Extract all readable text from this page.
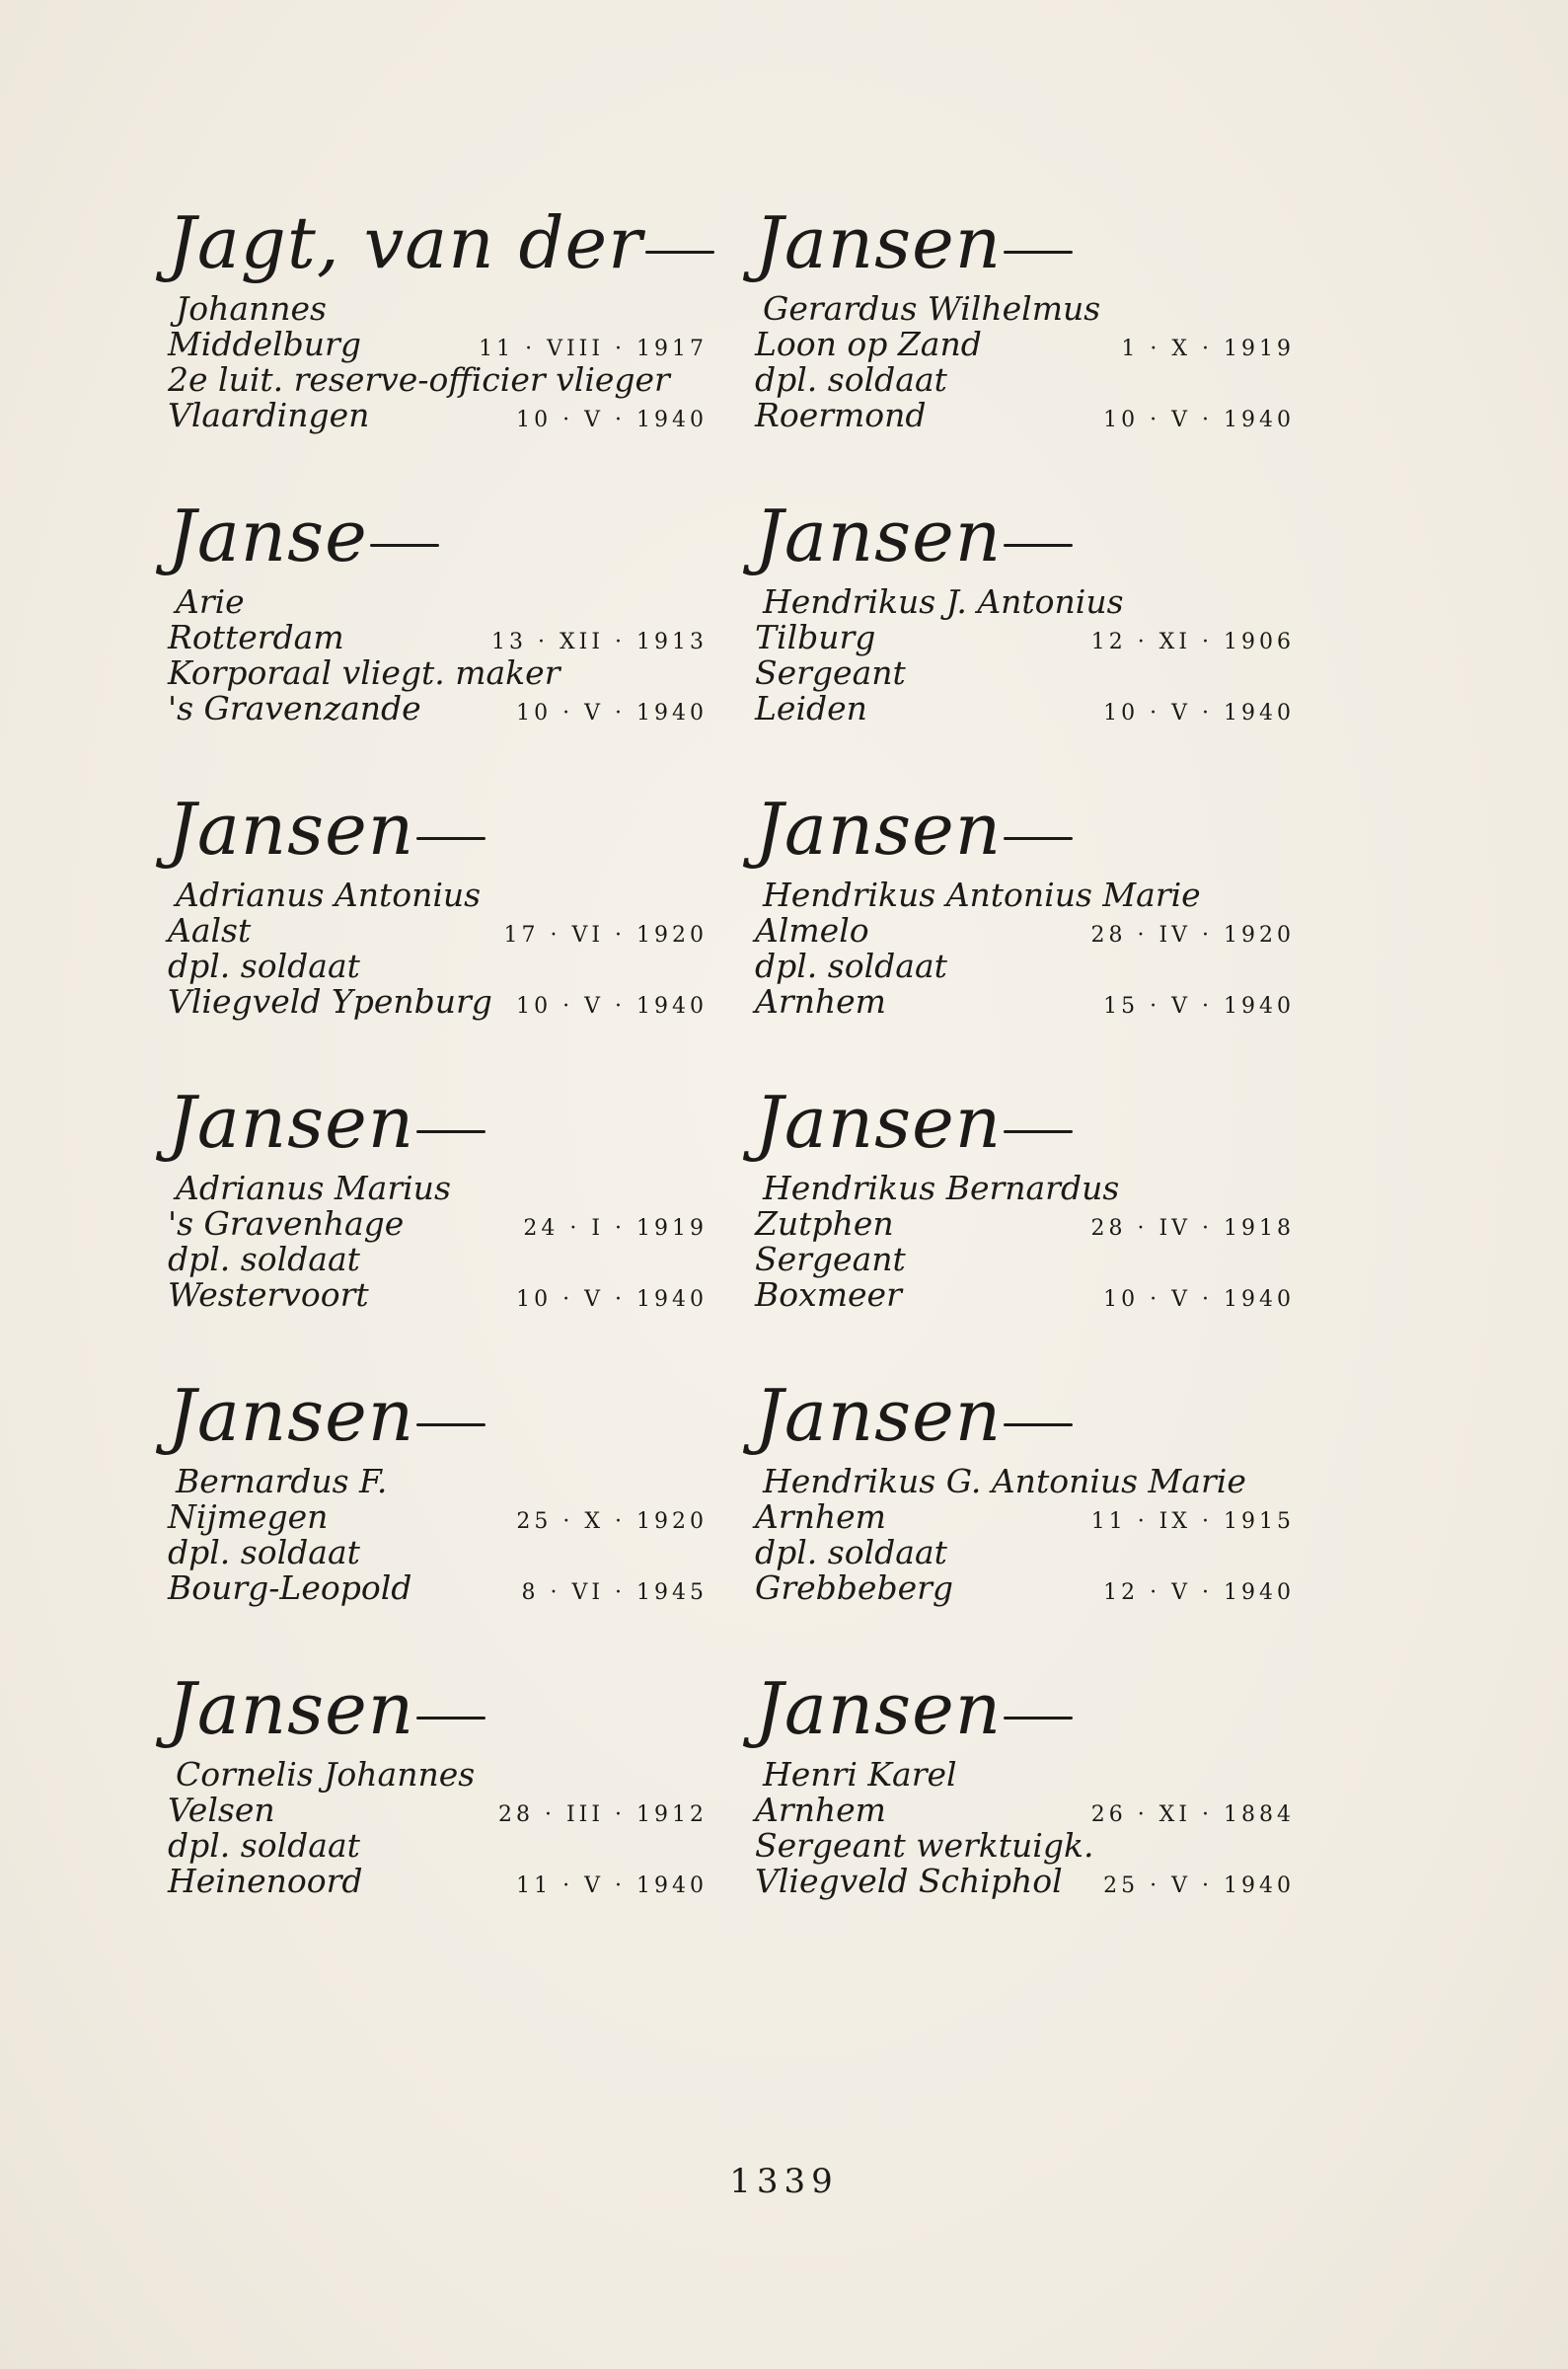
Jagt, van der
Johannes
Middelburg	11 · VIII · 1917
2e luit. reserve-officier vlieger
Vlaardingen	10 · V · 1940
Jansen
Gerardus Wilhelmus
Loon op Zand	1 · X · 1919
dpl. soldaat
Roermond	10 · V · 1940
Janse
Arie
Rotterdam	13 · XII · 1913
Korporaal vliegt. maker
's Gravenzande	10 · V · 1940
Jansen
Hendrikus J. Antonius
Tilburg	12 · XI · 1906
Sergeant
Leiden	10 · V · 1940
Jansen
Adrianus Antonius
Aalst	17 · VI · 1920
dpl. soldaat
Vliegveld Ypenburg 10 · V · 1940
Jansen
Hendrikus Antonius Marie
Almelo	28 · IV · 1920
dpl. soldaat
Arnhem	15 · V · 1940
Jansen
Adrianus Marius
's Gravenhage	24 · I · 1919
dpl. soldaat
Westervoort	10 · V · 1940
Jansen
Hendrikus Bernardus
Zutphen	28 · IV · 1918
Sergeant
Boxmeer	10 · V · 1940
Jansen
Bernardus F.
Nijmegen	25 · X · 1920
dpl. soldaat
Bourg-Leopold	8 · VI · 1945
Jansen
Hendrikus G. Antonius Marie
Arnhem	11 · IX · 1915
dpl. soldaat
Grebbeberg	12 · V · 1940
Jansen
Cornelis Johannes
Velsen	28 · III · 1912
dpl. soldaat
Heinenoord	11 · V · 1940
Jansen
Henri Karel
Arnhem	26 · XI · 1884
Sergeant werktuigk.
Vliegveld Schiphol 25 · V · 1940
1339
